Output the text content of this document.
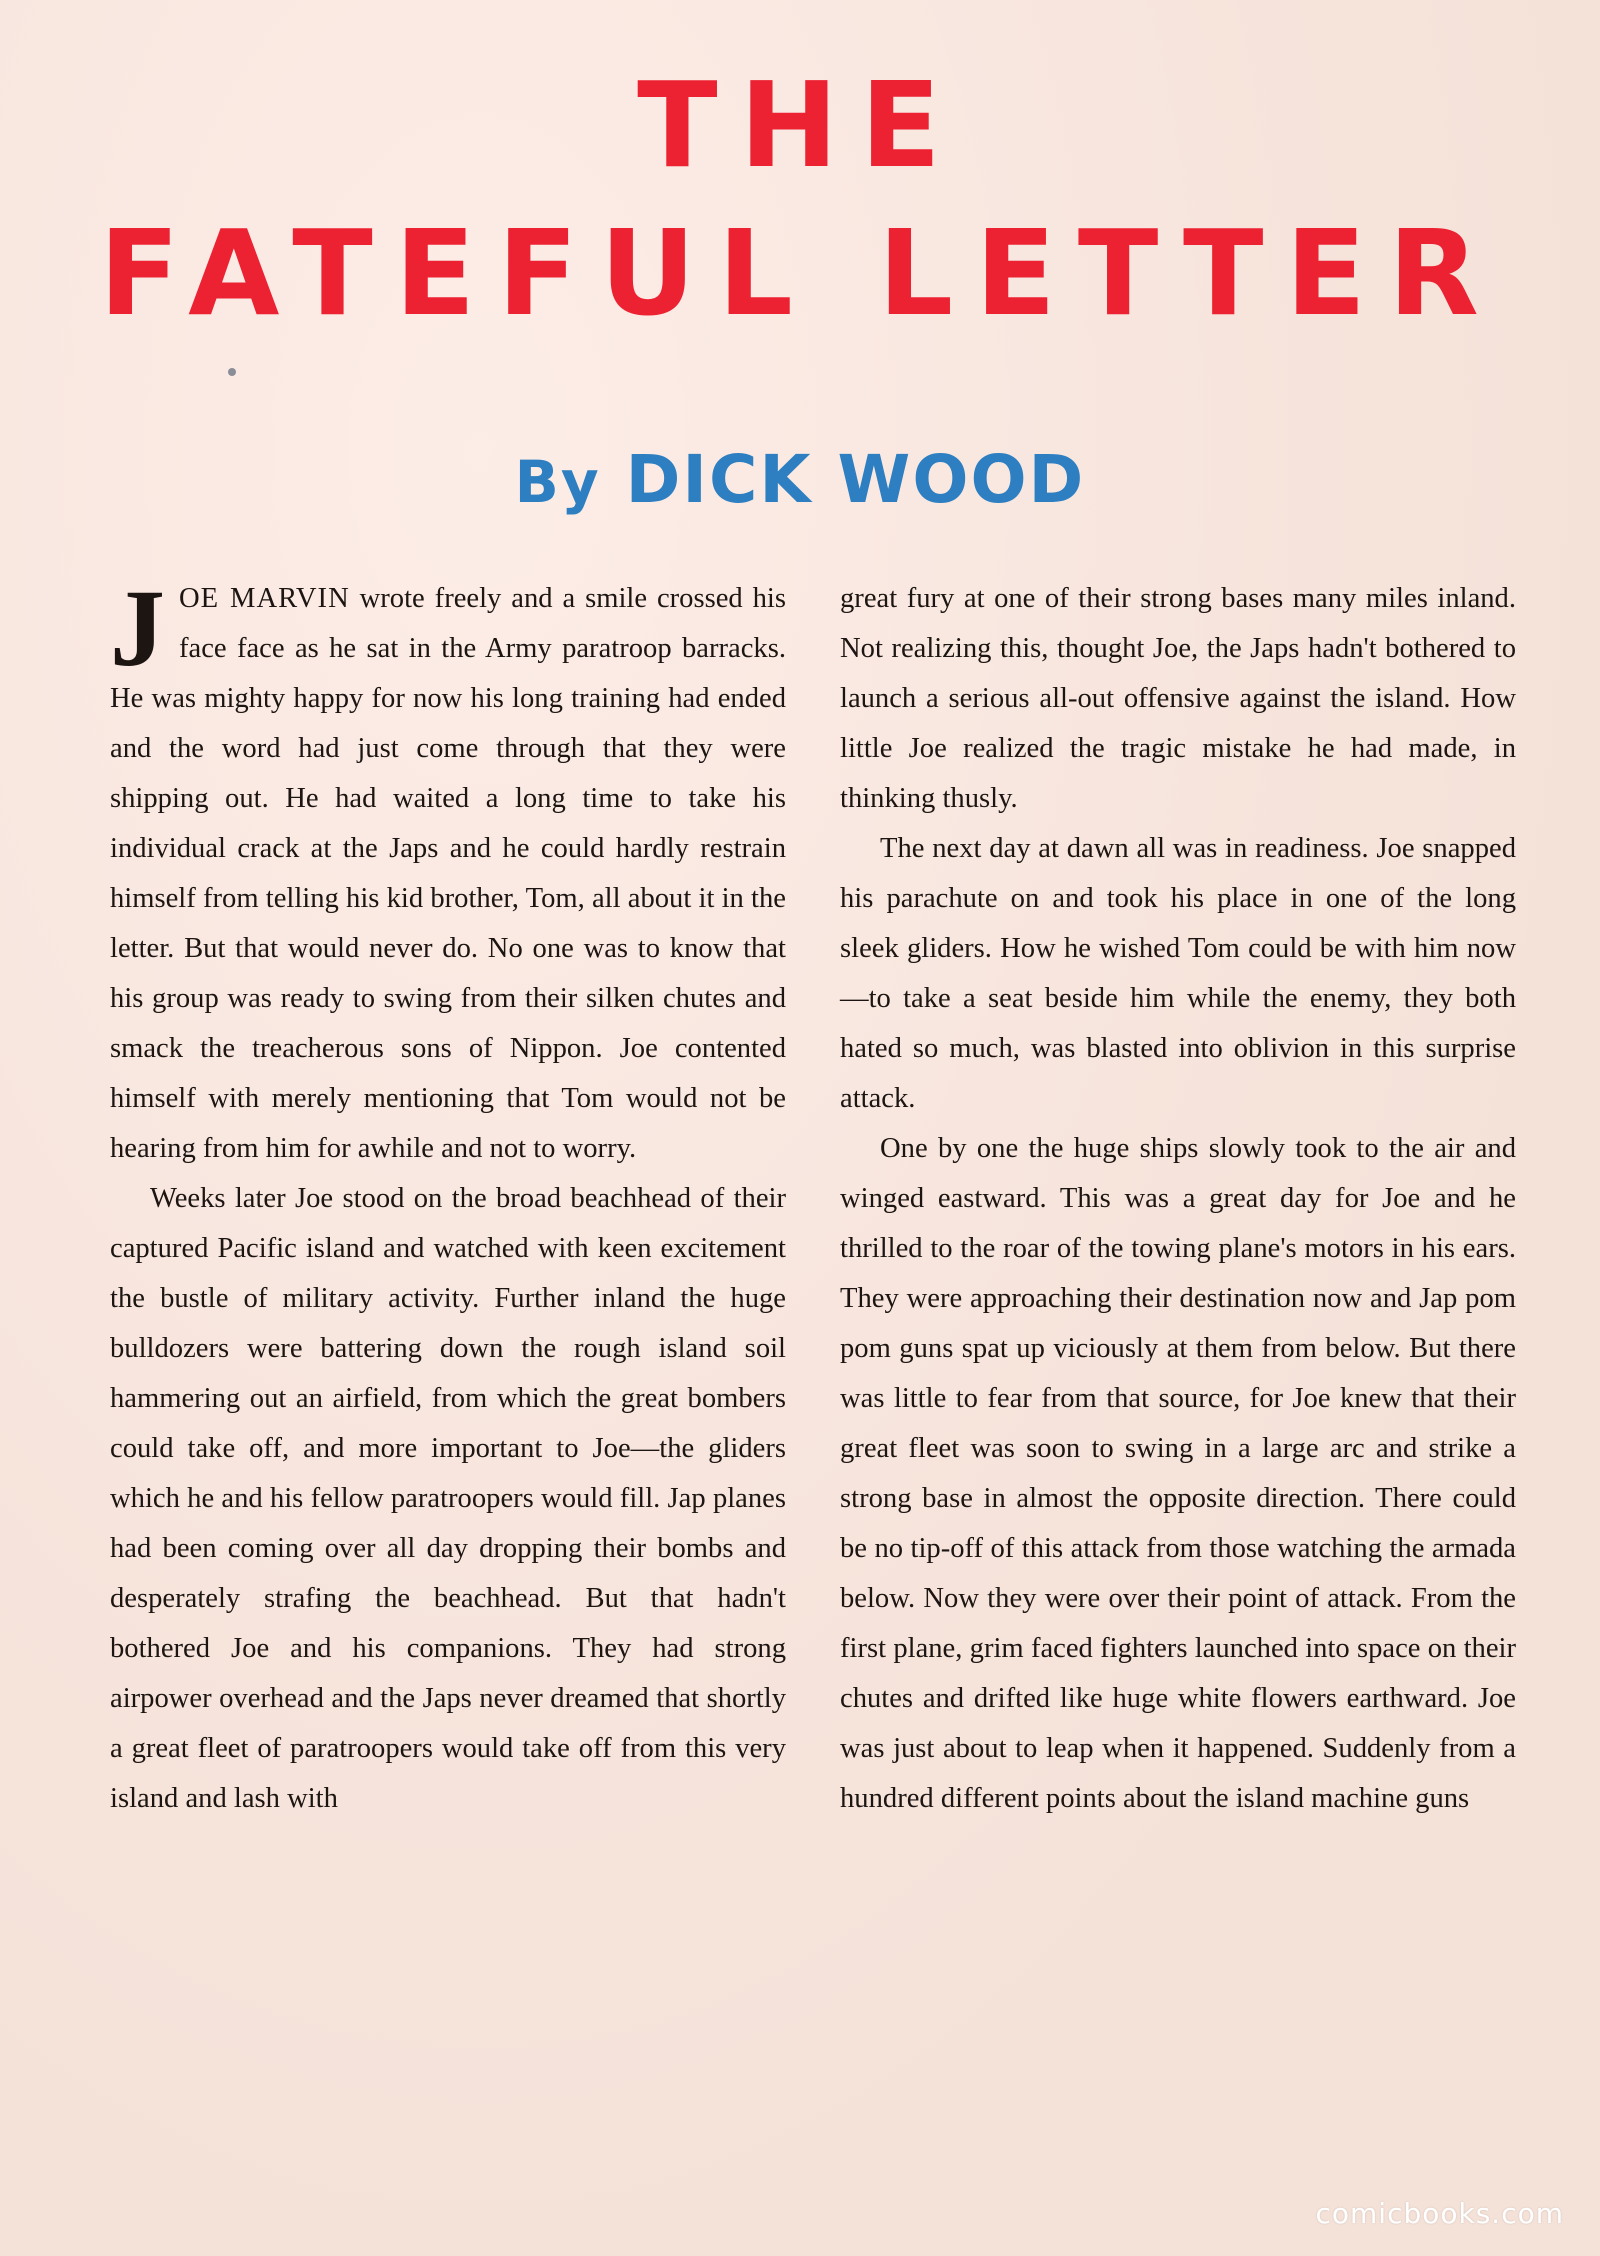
THE
FATEFUL LETTER
By DICK WOOD

JOE MARVIN wrote freely and a smile crossed his face face as he sat in the Army paratroop barracks. He was mighty happy for now his long training had ended and the word had just come through that they were shipping out. He had waited a long time to take his individual crack at the Japs and he could hardly restrain himself from telling his kid brother, Tom, all about it in the letter. But that would never do. No one was to know that his group was ready to swing from their silken chutes and smack the treacherous sons of Nippon. Joe contented himself with merely mentioning that Tom would not be hearing from him for awhile and not to worry.

Weeks later Joe stood on the broad beachhead of their captured Pacific island and watched with keen excitement the bustle of military activity. Further inland the huge bulldozers were battering down the rough island soil hammering out an airfield, from which the great bombers could take off, and more important to Joe—the gliders which he and his fellow paratroopers would fill. Jap planes had been coming over all day dropping their bombs and desperately strafing the beachhead. But that hadn't bothered Joe and his companions. They had strong airpower overhead and the Japs never dreamed that shortly a great fleet of paratroopers would take off from this very island and lash with

great fury at one of their strong bases many miles inland. Not realizing this, thought Joe, the Japs hadn't bothered to launch a serious all-out offensive against the island. How little Joe realized the tragic mistake he had made, in thinking thusly.

The next day at dawn all was in readiness. Joe snapped his parachute on and took his place in one of the long sleek gliders. How he wished Tom could be with him now—to take a seat beside him while the enemy, they both hated so much, was blasted into oblivion in this surprise attack.

One by one the huge ships slowly took to the air and winged eastward. This was a great day for Joe and he thrilled to the roar of the towing plane's motors in his ears. They were approaching their destination now and Jap pom pom guns spat up viciously at them from below. But there was little to fear from that source, for Joe knew that their great fleet was soon to swing in a large arc and strike a strong base in almost the opposite direction. There could be no tip-off of this attack from those watching the armada below. Now they were over their point of attack. From the first plane, grim faced fighters launched into space on their chutes and drifted like huge white flowers earthward. Joe was just about to leap when it happened. Suddenly from a hundred different points about the island machine guns

comicbooks.com
